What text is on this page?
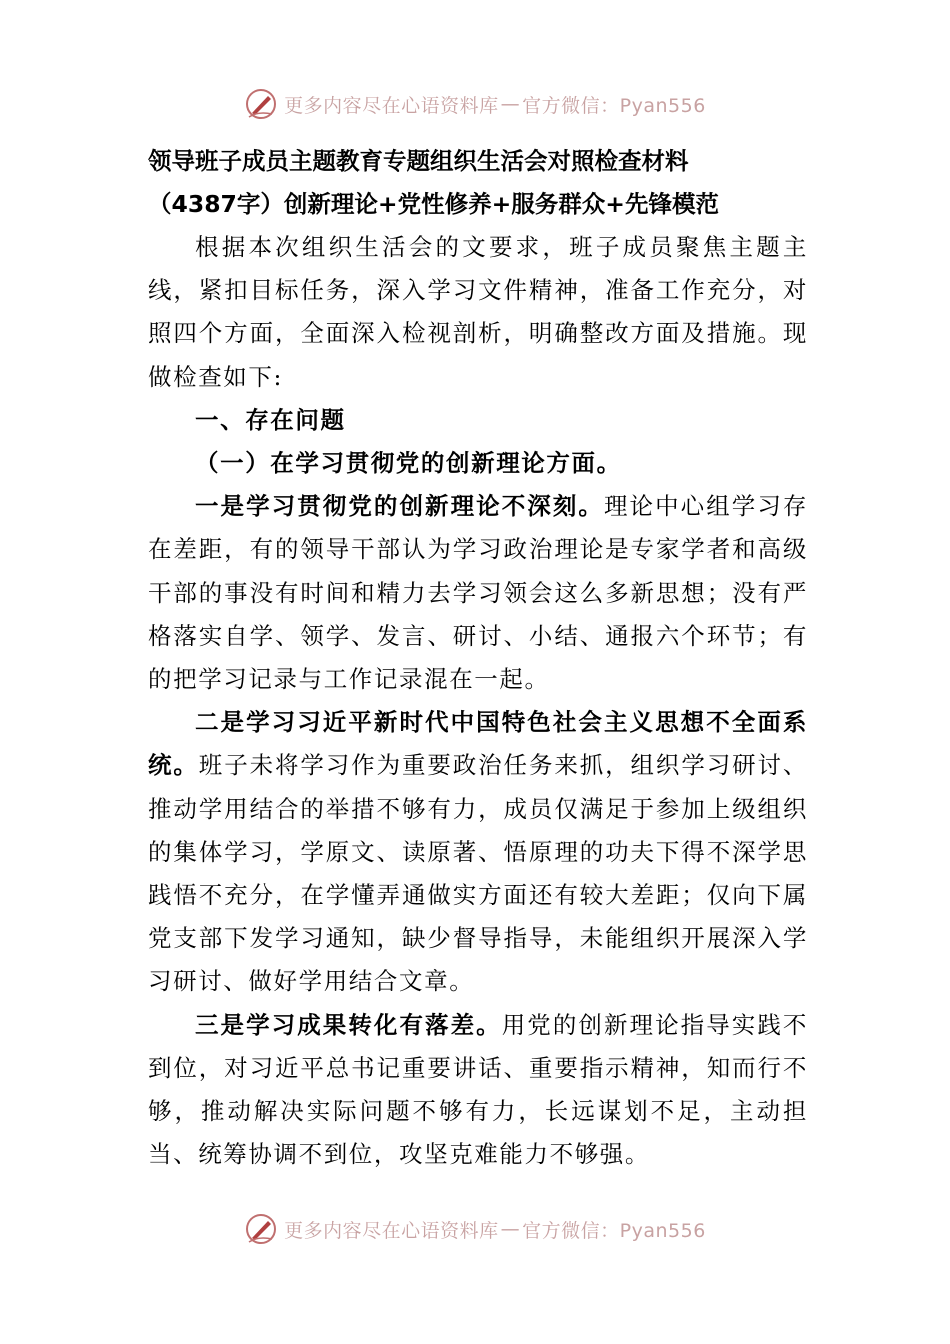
更多内容尽在心语资料库 — 官方微信：Pyan556
领导班子成员主题教育专题组织生活会对照检查材料
（4387字）创新理论+党性修养+服务群众+先锋模范

根据本次组织生活会的文要求，班子成员聚焦主题主线，紧扣目标任务，深入学习文件精神，准备工作充分，对照四个方面，全面深入检视剖析，明确整改方面及措施。现做检查如下:

一、存在问题
（一）在学习贯彻党的创新理论方面。

一是学习贯彻党的创新理论不深刻。理论中心组学习存在差距，有的领导干部认为学习政治理论是专家学者和高级干部的事没有时间和精力去学习领会这么多新思想；没有严格落实自学、领学、发言、研讨、小结、通报六个环节；有的把学习记录与工作记录混在一起。

二是学习习近平新时代中国特色社会主义思想不全面系统。班子未将学习作为重要政治任务来抓，组织学习研讨、推动学用结合的举措不够有力，成员仅满足于参加上级组织的集体学习，学原文、读原著、悟原理的功夫下得不深学思践悟不充分，在学懂弄通做实方面还有较大差距；仅向下属党支部下发学习通知，缺少督导指导，未能组织开展深入学习研讨、做好学用结合文章。

三是学习成果转化有落差。用党的创新理论指导实践不到位，对习近平总书记重要讲话、重要指示精神，知而行不够，推动解决实际问题不够有力，长远谋划不足，主动担当、统筹协调不到位，攻坚克难能力不够强。

更多内容尽在心语资料库 — 官方微信：Pyan556
